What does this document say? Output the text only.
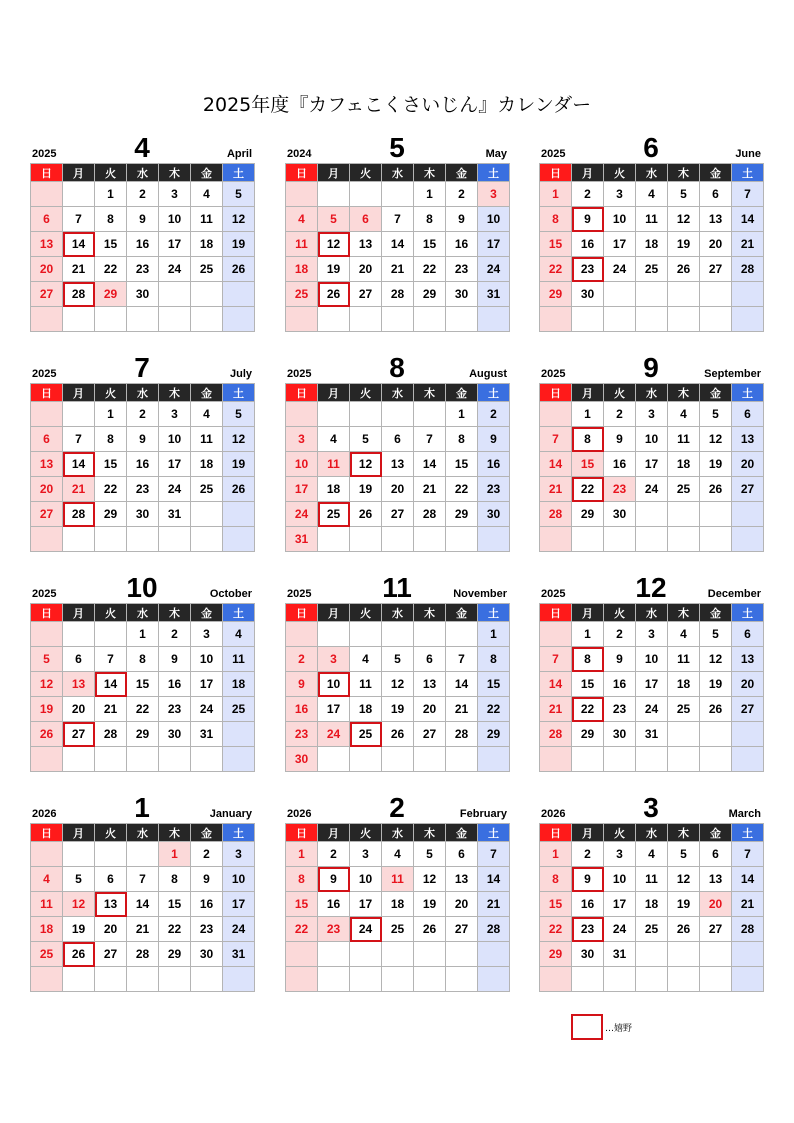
2025年度『カフェこくさいじん』カレンダー
2025	4	April
日	月	火	水	木	金	土
		1	2	3	4	5
6	7	8	9	10	11	12
13	14	15	16	17	18	19
20	21	22	23	24	25	26
27	28	29	30			

2024	5	May
日	月	火	水	木	金	土
				1	2	3
4	5	6	7	8	9	10
11	12	13	14	15	16	17
18	19	20	21	22	23	24
25	26	27	28	29	30	31

2025	6	June
日	月	火	水	木	金	土
1	2	3	4	5	6	7
8	9	10	11	12	13	14
15	16	17	18	19	20	21
22	23	24	25	26	27	28
29	30					

2025	7	July
日	月	火	水	木	金	土
		1	2	3	4	5
6	7	8	9	10	11	12
13	14	15	16	17	18	19
20	21	22	23	24	25	26
27	28	29	30	31		

2025	8	August
日	月	火	水	木	金	土
					1	2
3	4	5	6	7	8	9
10	11	12	13	14	15	16
17	18	19	20	21	22	23
24	25	26	27	28	29	30
31						
2025	9	September
日	月	火	水	木	金	土
	1	2	3	4	5	6
7	8	9	10	11	12	13
14	15	16	17	18	19	20
21	22	23	24	25	26	27
28	29	30				

2025	10	October
日	月	火	水	木	金	土
			1	2	3	4
5	6	7	8	9	10	11
12	13	14	15	16	17	18
19	20	21	22	23	24	25
26	27	28	29	30	31	

2025	11	November
日	月	火	水	木	金	土
						1
2	3	4	5	6	7	8
9	10	11	12	13	14	15
16	17	18	19	20	21	22
23	24	25	26	27	28	29
30						
2025	12	December
日	月	火	水	木	金	土
	1	2	3	4	5	6
7	8	9	10	11	12	13
14	15	16	17	18	19	20
21	22	23	24	25	26	27
28	29	30	31			

2026	1	January
日	月	火	水	木	金	土
				1	2	3
4	5	6	7	8	9	10
11	12	13	14	15	16	17
18	19	20	21	22	23	24
25	26	27	28	29	30	31

2026	2	February
日	月	火	水	木	金	土
1	2	3	4	5	6	7
8	9	10	11	12	13	14
15	16	17	18	19	20	21
22	23	24	25	26	27	28

2026	3	March
日	月	火	水	木	金	土
1	2	3	4	5	6	7
8	9	10	11	12	13	14
15	16	17	18	19	20	21
22	23	24	25	26	27	28
29	30	31				

…嬉野
